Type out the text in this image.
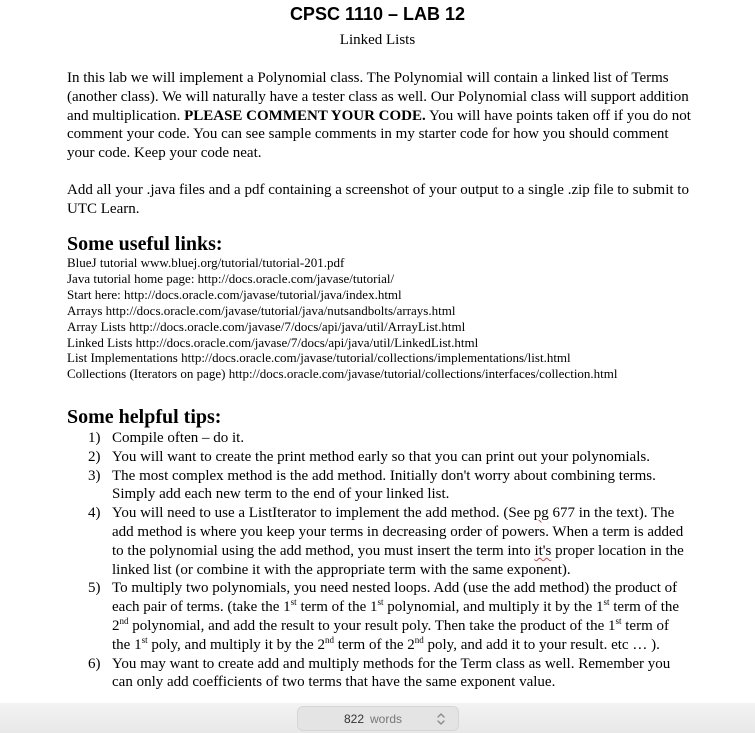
CPSC 1110 – LAB 12
Linked Lists

In this lab we will implement a Polynomial class. The Polynomial will contain a linked list of Terms (another class). We will naturally have a tester class as well. Our Polynomial class will support addition and multiplication. PLEASE COMMENT YOUR CODE. You will have points taken off if you do not comment your code. You can see sample comments in my starter code for how you should comment your code. Keep your code neat.

Add all your .java files and a pdf containing a screenshot of your output to a single .zip file to submit to UTC Learn.

Some useful links:
BlueJ tutorial www.bluej.org/tutorial/tutorial-201.pdf
Java tutorial home page: http://docs.oracle.com/javase/tutorial/
Start here: http://docs.oracle.com/javase/tutorial/java/index.html
Arrays http://docs.oracle.com/javase/tutorial/java/nutsandbolts/arrays.html
Array Lists http://docs.oracle.com/javase/7/docs/api/java/util/ArrayList.html
Linked Lists http://docs.oracle.com/javase/7/docs/api/java/util/LinkedList.html
List Implementations http://docs.oracle.com/javase/tutorial/collections/implementations/list.html
Collections (Iterators on page) http://docs.oracle.com/javase/tutorial/collections/interfaces/collection.html
Some helpful tips:
1) Compile often – do it.
2) You will want to create the print method early so that you can print out your polynomials.
3) The most complex method is the add method. Initially don't worry about combining terms. Simply add each new term to the end of your linked list.
4) You will need to use a ListIterator to implement the add method. (See pg 677 in the text). The add method is where you keep your terms in decreasing order of powers. When a term is added to the polynomial using the add method, you must insert the term into it's proper location in the linked list (or combine it with the appropriate term with the same exponent).
5) To multiply two polynomials, you need nested loops. Add (use the add method) the product of each pair of terms. (take the 1st term of the 1st polynomial, and multiply it by the 1st term of the 2nd polynomial, and add the result to your result poly. Then take the product of the 1st term of the 1st poly, and multiply it by the 2nd term of the 2nd poly, and add it to your result. etc … ).
6) You may want to create add and multiply methods for the Term class as well. Remember you can only add coefficients of two terms that have the same exponent value.
822 words
